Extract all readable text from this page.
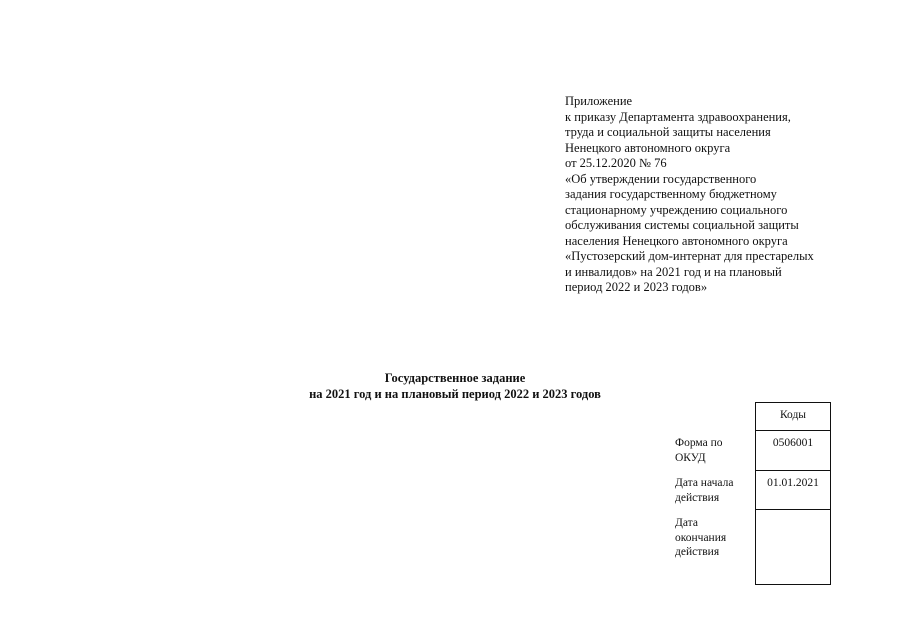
Приложение
к приказу Департамента здравоохранения,
труда и социальной защиты населения
Ненецкого автономного округа
от 25.12.2020 № 76
«Об утверждении государственного
задания государственному бюджетному
стационарному учреждению социального
обслуживания системы социальной защиты
населения Ненецкого автономного округа
«Пустозерский дом-интернат для престарелых
и инвалидов» на 2021 год и на плановый
период 2022 и 2023 годов»
Государственное задание
на 2021 год и на плановый период 2022 и 2023 годов
Форма по
ОКУД
Дата начала
действия
Дата
окончания
действия
Коды
0506001
01.01.2021
